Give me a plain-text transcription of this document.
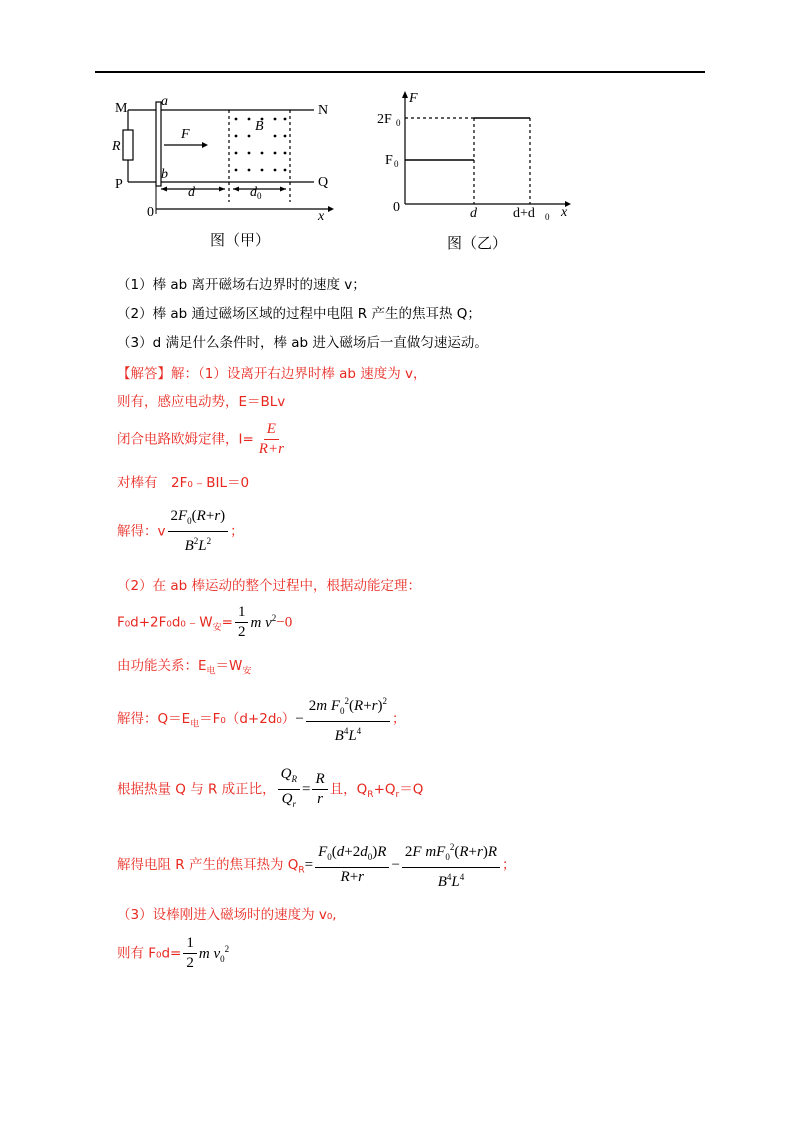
M	N
P	Q
R
a
b
F
B
d	d 0
0	x
图（甲）
F
2F 0
F 0
0	d	d+d 0 x
图（乙）
（1）棒 ab 离开磁场右边界时的速度 v；
（2）棒 ab 通过磁场区域的过程中电阻 R 产生的焦耳热 Q；
（3）d 满足什么条件时，棒 ab 进入磁场后一直做匀速运动。
【解答】解：（1）设离开右边界时棒 ab 速度为 v，
则有，感应电动势，E＝BLv
闭合电路欧姆定律，$I= \frac{E}{R+r}$
对棒有　2F₀﹣BIL＝0
解得：v $\frac{2F_0(R+r)}{B^2L^2}$ ；
（2）在 ab 棒运动的整个过程中，根据动能定理：
$F_0d+2F_0d_0﹣W_安= \frac{1}{2}$ m $v^2-0$
由功能关系：$E_电=W_安$
解得：$Q=E_电=F_0(d+2d_0)- \frac{2m F_0^2(R+r)^2}{B^4L^4}$ ；
根据热量 Q 与 R 成正比， $\frac{Q_R}{Q_r} = \frac{R}{r}$ 且，$Q_R+Q_r=Q$
解得电阻 R 产生的焦耳热为 $Q_R= \frac{F_0(d+2d_0)R}{R+r} - \frac{2F mF_0^2(R+r)R}{B^4L^4}$ ；
（3）设棒刚进入磁场时的速度为 v₀,
则有 $F_0d= \frac{1}{2}$ m $v_0^2$
